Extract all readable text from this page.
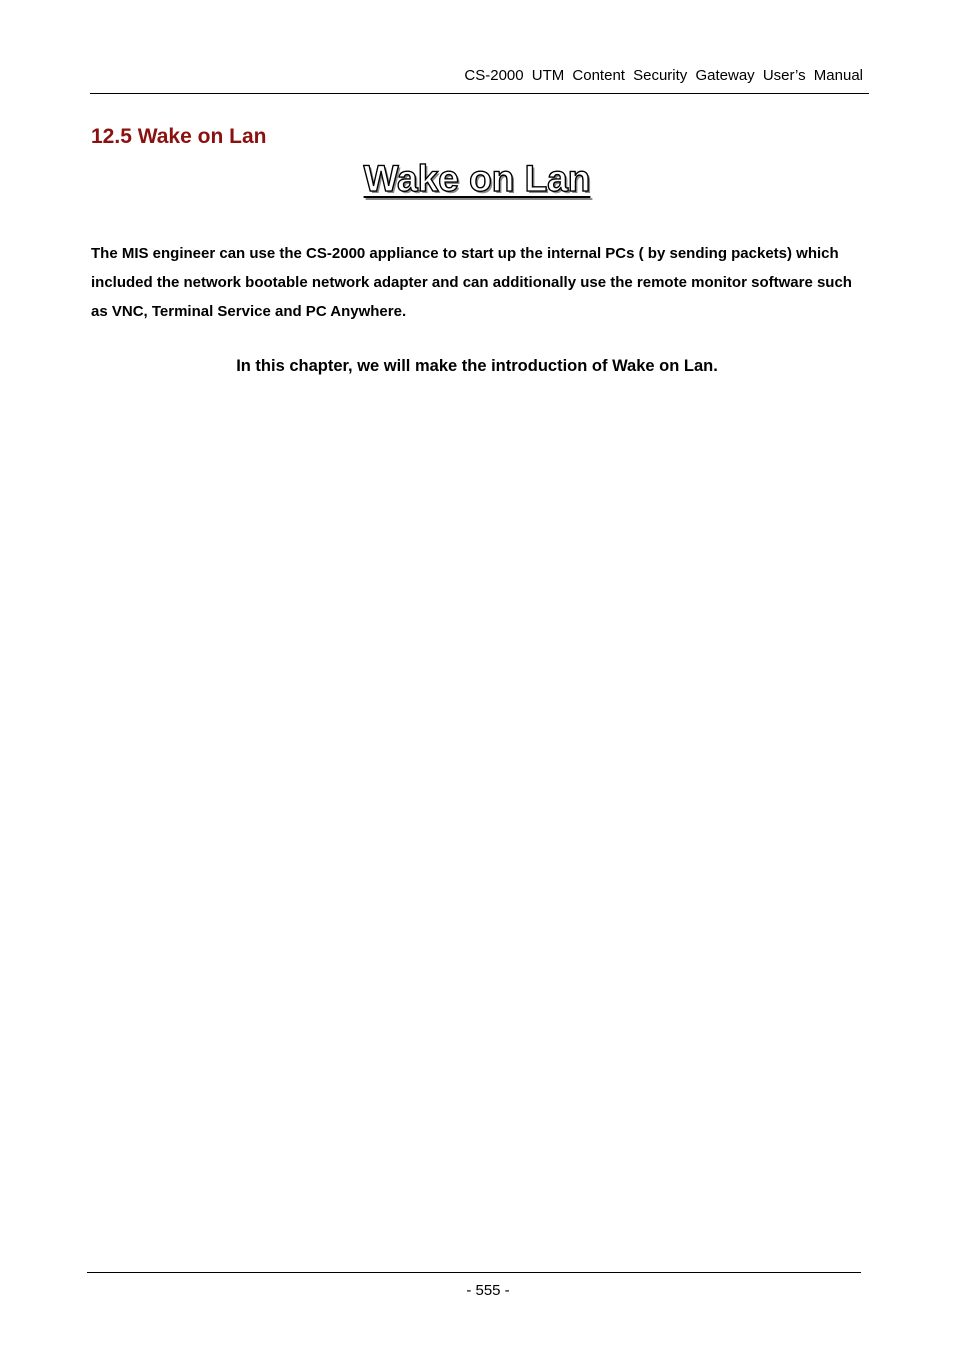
CS-2000 UTM Content Security Gateway User’s Manual
12.5 Wake on Lan
Wake on Lan

The MIS engineer can use the CS-2000 appliance to start up the internal PCs ( by sending packets) which included the network bootable network adapter and can additionally use the remote monitor software such as VNC, Terminal Service and PC Anywhere.

In this chapter, we will make the introduction of Wake on Lan.

- 555 -
